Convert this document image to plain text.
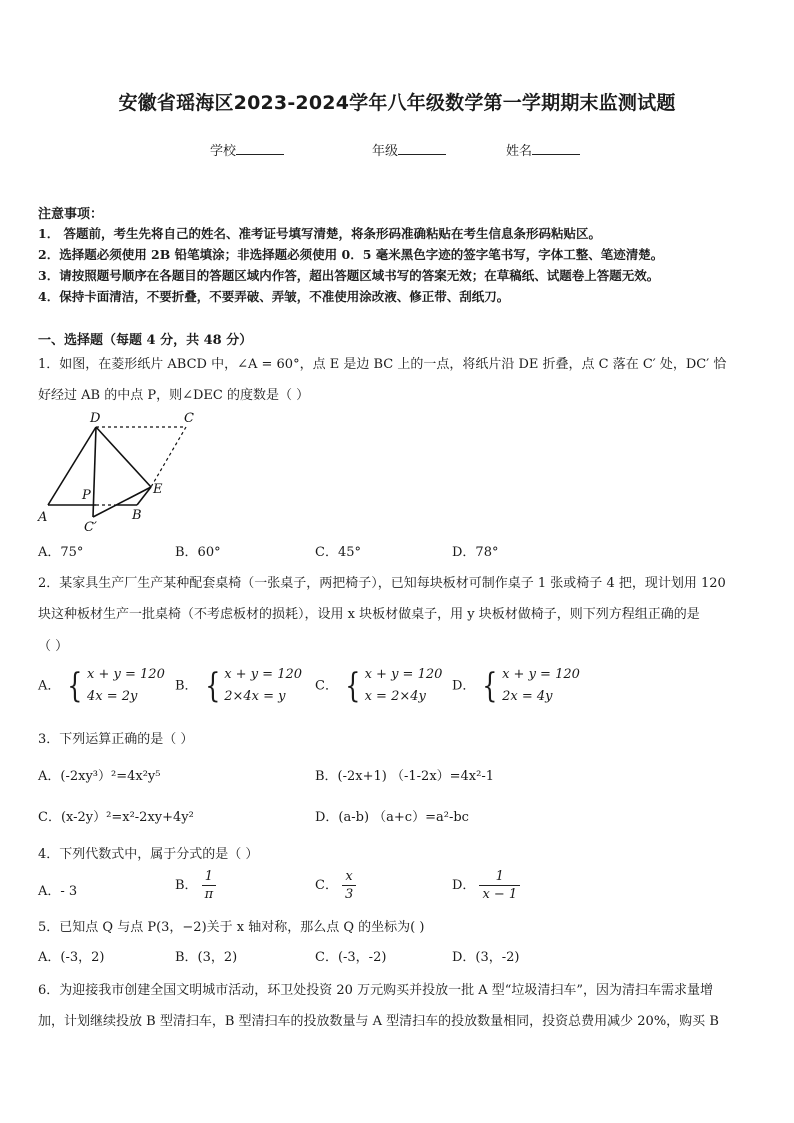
安徽省瑶海区2023-2024学年八年级数学第一学期期末监测试题
学校	年级	姓名
注意事项：
1． 答题前，考生先将自己的姓名、准考证号填写清楚，将条形码准确粘贴在考生信息条形码粘贴区。
2．选择题必须使用 2B 铅笔填涂；非选择题必须使用 0．5 毫米黑色字迹的签字笔书写，字体工整、笔迹清楚。
3．请按照题号顺序在各题目的答题区域内作答，超出答题区域书写的答案无效；在草稿纸、试题卷上答题无效。
4．保持卡面清洁，不要折叠，不要弄破、弄皱，不准使用涂改液、修正带、刮纸刀。
一、选择题（每题 4 分，共 48 分）
1．如图，在菱形纸片 ABCD 中，∠A = 60°，点 E 是边 BC 上的一点，将纸片沿 DE 折叠，点 C 落在 C′ 处，DC′ 恰
好经过 AB 的中点 P，则∠DEC 的度数是（ ）
D	C
A	B
P	E
C′
A．75°	B．60°	C．45°	D．78°
2．某家具生产厂生产某种配套桌椅（一张桌子，两把椅子），已知每块板材可制作桌子 1 张或椅子 4 把，现计划用 120
块这种板材生产一批桌椅（不考虑板材的损耗），设用 x 块板材做桌子，用 y 块板材做椅子，则下列方程组正确的是
（ ）
A． { x + y = 120
4x = 2y
B． { x + y = 120
2×4x = y
C． { x + y = 120
x = 2×4y
D． { x + y = 120
2x = 4y
3．下列运算正确的是（ ）
A．(-2xy³）²=4x²y⁵	B．(-2x+1) （-1-2x）=4x²-1
C．(x-2y）²=x²-2xy+4y²	D．(a-b) （a+c）=a²-bc
4．下列代数式中，属于分式的是（ ）
A．- 3	B． $\frac{1}{\pi}$	C． $\frac{x}{3}$	D． $\frac{1}{x - 1}$
5．已知点 Q 与点 P(3，−2)关于 x 轴对称，那么点 Q 的坐标为( )
A．(-3，2)	B．(3，2)	C．(-3，-2)	D．(3，-2)
6．为迎接我市创建全国文明城市活动，环卫处投资 20 万元购买并投放一批 A 型“垃圾清扫车”，因为清扫车需求量增
加，计划继续投放 B 型清扫车，B 型清扫车的投放数量与 A 型清扫车的投放数量相同，投资总费用减少 20%，购买 B
